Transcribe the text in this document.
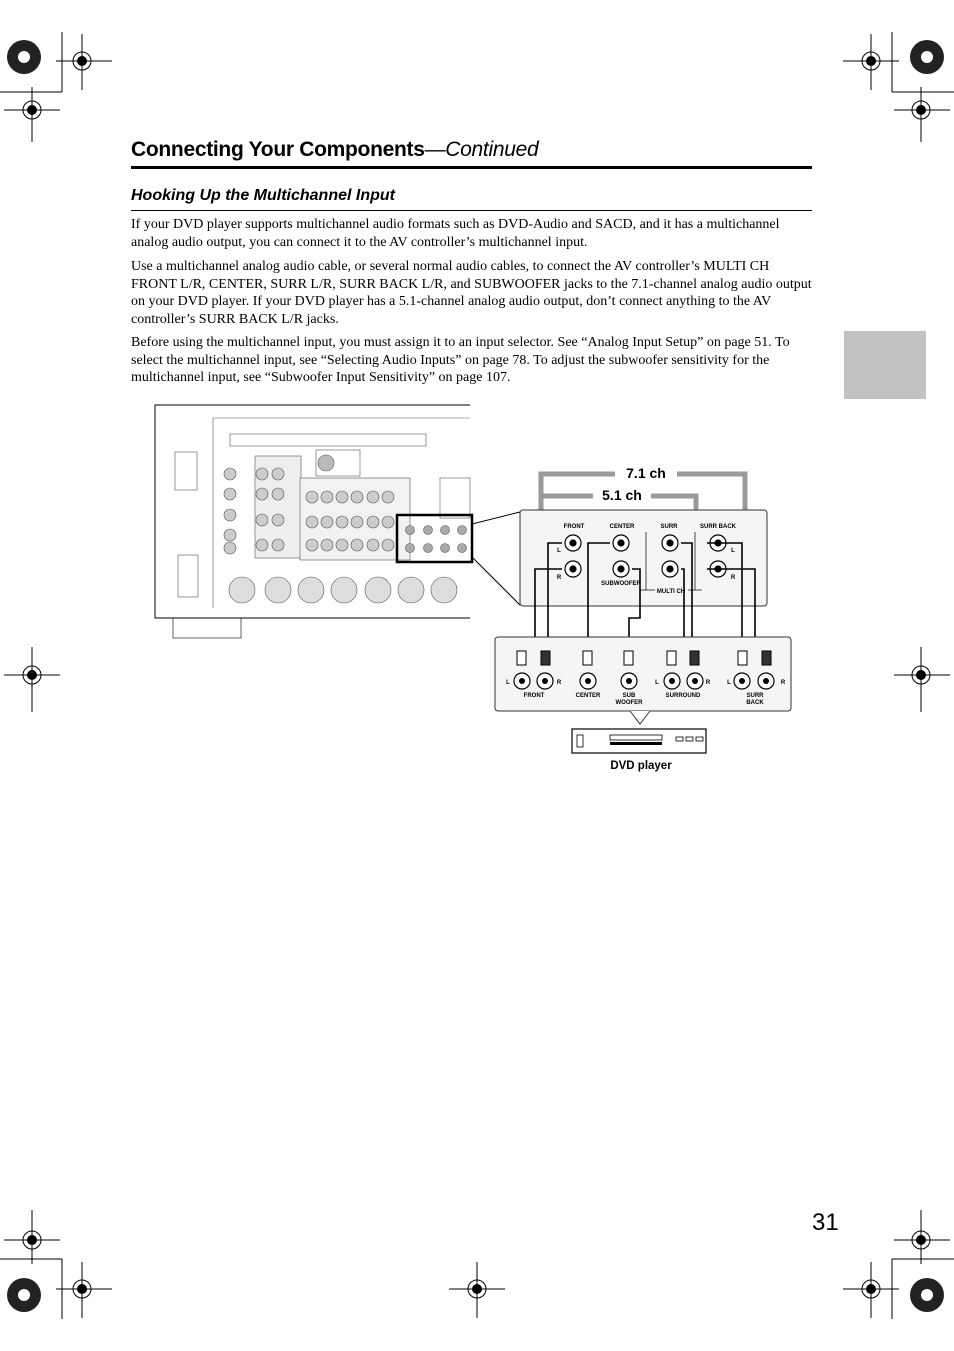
Connecting Your Components—Continued
Hooking Up the Multichannel Input

If your DVD player supports multichannel audio formats such as DVD-Audio and SACD, and it has a multichannel analog audio output, you can connect it to the AV controller’s multichannel input.

Use a multichannel analog audio cable, or several normal audio cables, to connect the AV controller’s MULTI CH FRONT L/R, CENTER, SURR L/R, SURR BACK L/R, and SUBWOOFER jacks to the 7.1-channel analog audio output on your DVD player. If your DVD player has a 5.1-channel analog audio output, don’t connect anything to the AV controller’s SURR BACK L/R jacks.

Before using the multichannel input, you must assign it to an input selector. See “Analog Input Setup” on page 51. To select the multichannel input, see “Selecting Audio Inputs” on page 78. To adjust the subwoofer sensitivity for the multichannel input, see “Subwoofer Input Sensitivity” on page 107.

7.1 ch
5.1 ch
FRONT	CENTER	SURR	SURR BACK
SUBWOOFER
MULTI CH
L
R
L
R
L	R	L	R	L	R
FRONT	CENTER	SUB
WOOFER
SURROUND	SURR
BACK
DVD player
31
